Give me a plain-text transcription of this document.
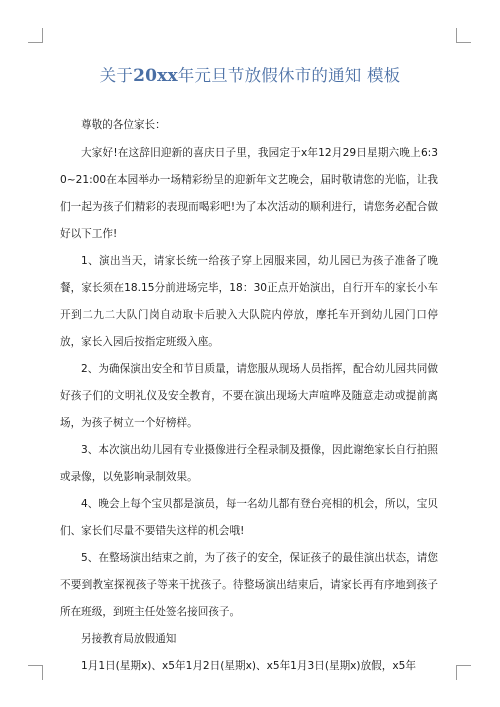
关于20xx年元旦节放假休市的通知 模板

尊敬的各位家长：

大家好!在这辞旧迎新的喜庆日子里，我园定于x年12月29日星期六晚上6:30~21:00在本园举办一场精彩纷呈的迎新年文艺晚会，届时敬请您的光临，让我们一起为孩子们精彩的表现而喝彩吧!为了本次活动的顺利进行，请您务必配合做好以下工作!

1、演出当天，请家长统一给孩子穿上园服来园，幼儿园已为孩子准备了晚餐，家长须在18.15分前进场完毕，18：30正点开始演出，自行开车的家长小车开到二九二大队门岗自动取卡后驶入大队院内停放，摩托车开到幼儿园门口停放，家长入园后按指定班级入座。

2、为确保演出安全和节目质量，请您服从现场人员指挥，配合幼儿园共同做好孩子们的文明礼仪及安全教育，不要在演出现场大声喧哗及随意走动或提前离场，为孩子树立一个好榜样。

3、本次演出幼儿园有专业摄像进行全程录制及摄像，因此谢绝家长自行拍照或录像，以免影响录制效果。

4、晚会上每个宝贝都是演员，每一名幼儿都有登台亮相的机会，所以，宝贝们、家长们尽量不要错失这样的机会哦!

5、在整场演出结束之前，为了孩子的安全，保证孩子的最佳演出状态，请您不要到教室探视孩子等来干扰孩子。待整场演出结束后，请家长再有序地到孩子所在班级，到班主任处签名接回孩子。

另接教育局放假通知

1月1日(星期x)、x5年1月2日(星期x)、x5年1月3日(星期x)放假，x5年
